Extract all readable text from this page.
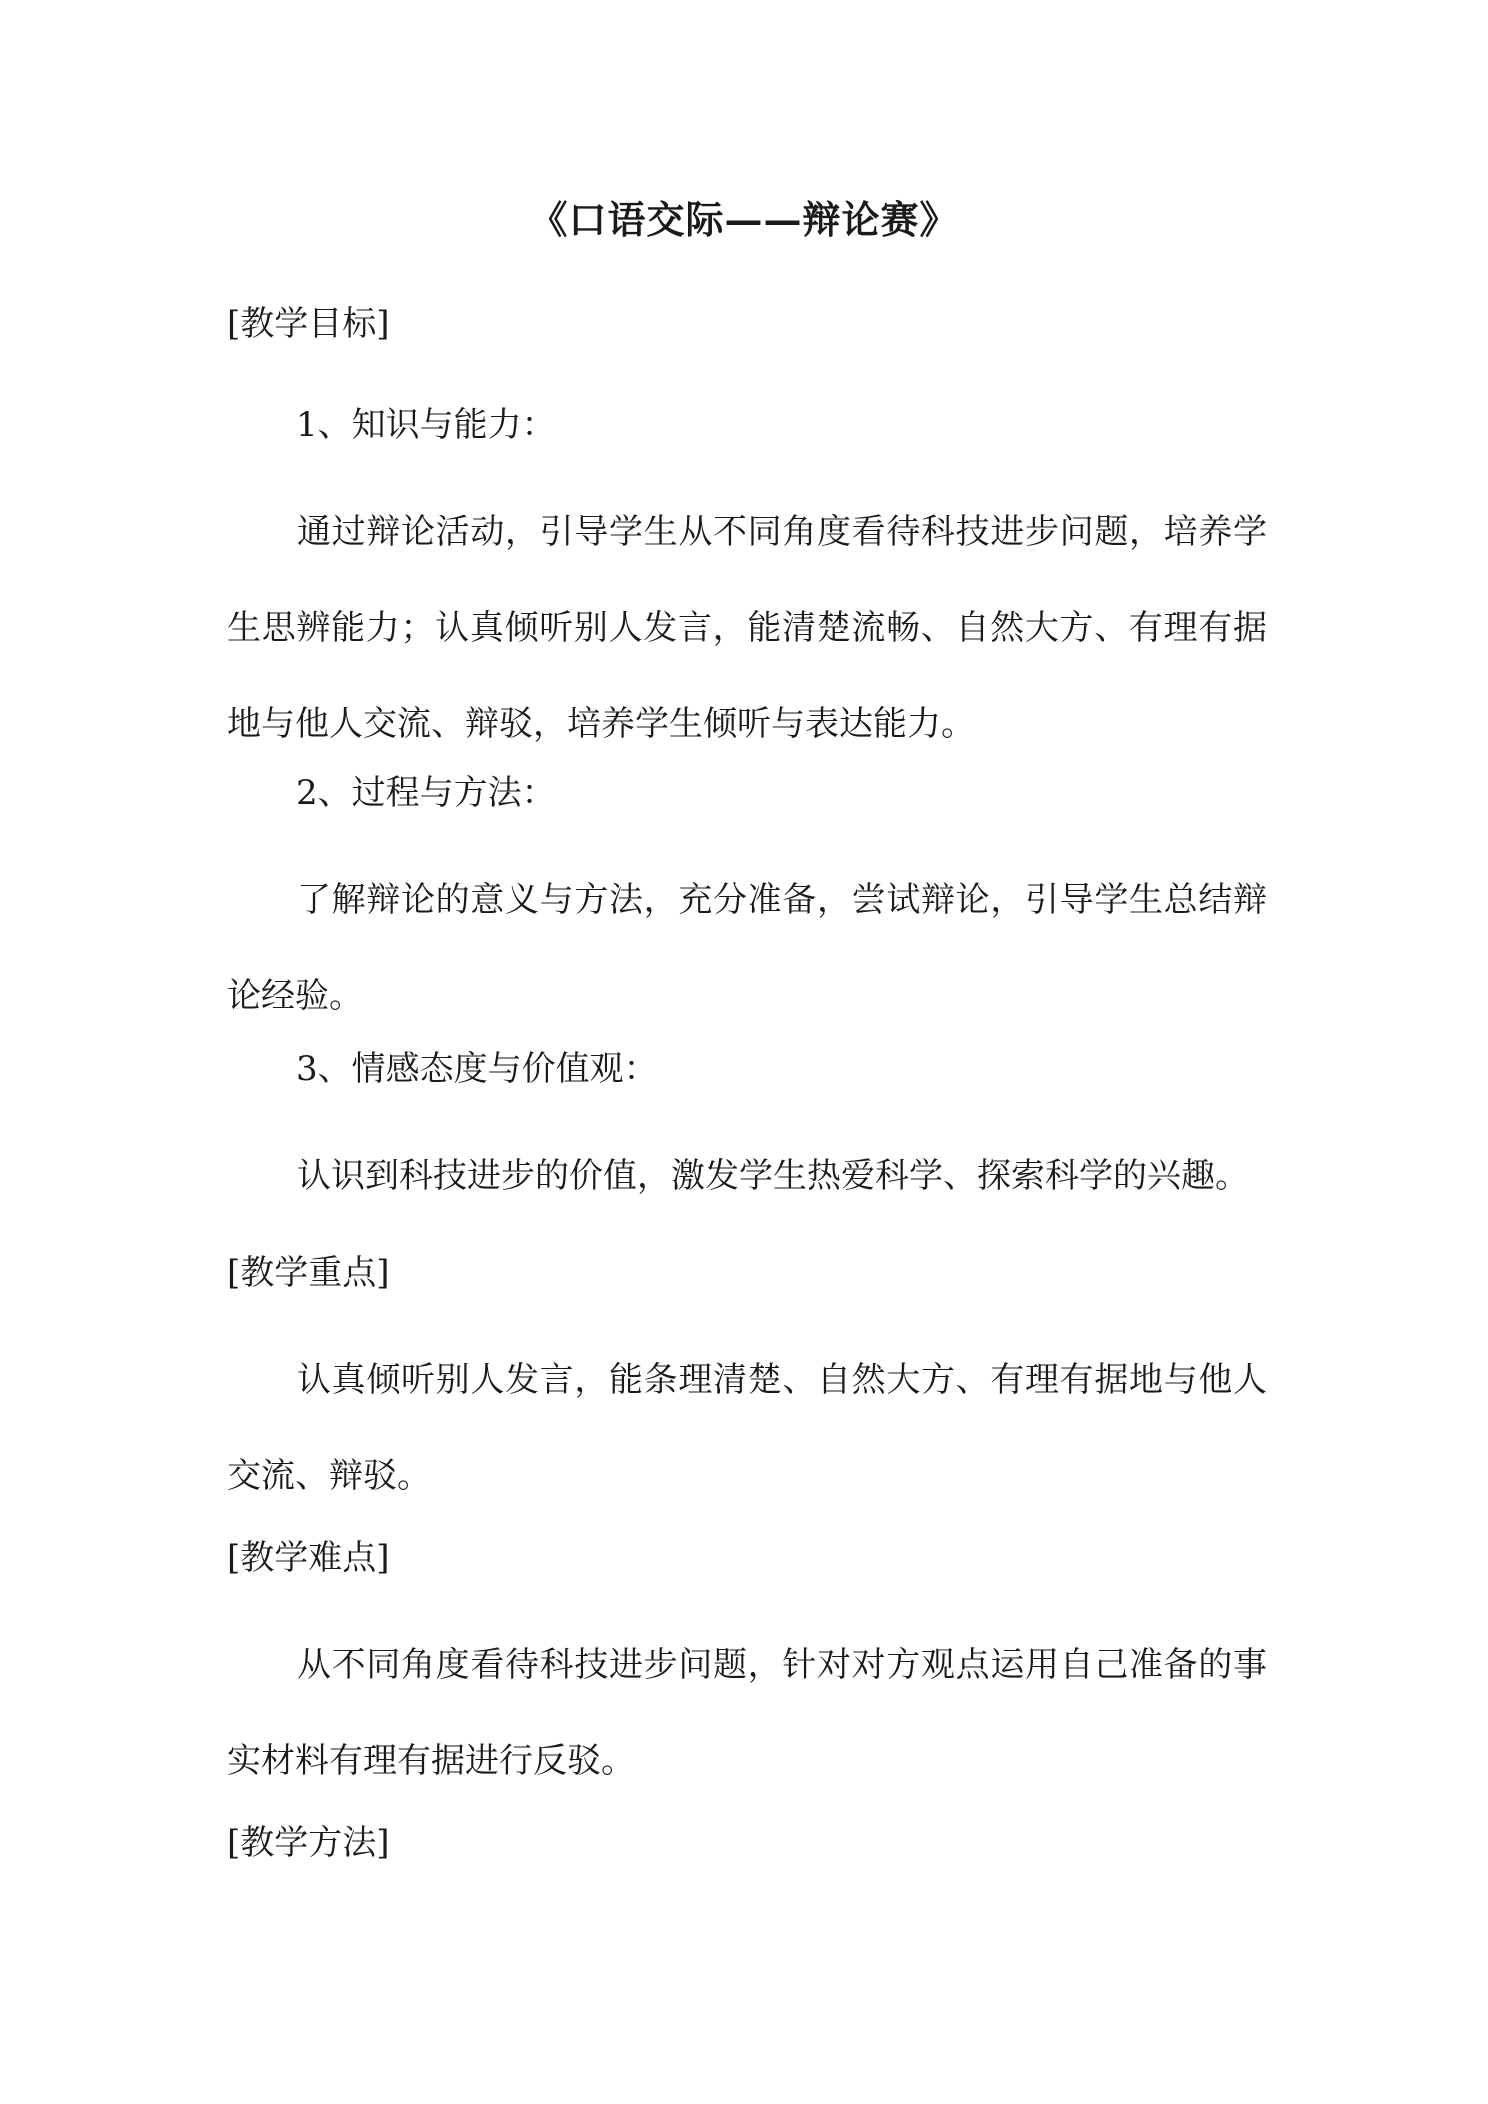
《口语交际——辩论赛》
[教学目标]
1、知识与能力：
通过辩论活动，引导学生从不同角度看待科技进步问题，培养学生思辨能力；认真倾听别人发言，能清楚流畅、自然大方、有理有据地与他人交流、辩驳，培养学生倾听与表达能力。
2、过程与方法：
了解辩论的意义与方法，充分准备，尝试辩论，引导学生总结辩论经验。
3、情感态度与价值观：
认识到科技进步的价值，激发学生热爱科学、探索科学的兴趣。
[教学重点]
认真倾听别人发言，能条理清楚、自然大方、有理有据地与他人交流、辩驳。
[教学难点]
从不同角度看待科技进步问题，针对对方观点运用自己准备的事实材料有理有据进行反驳。
[教学方法]
